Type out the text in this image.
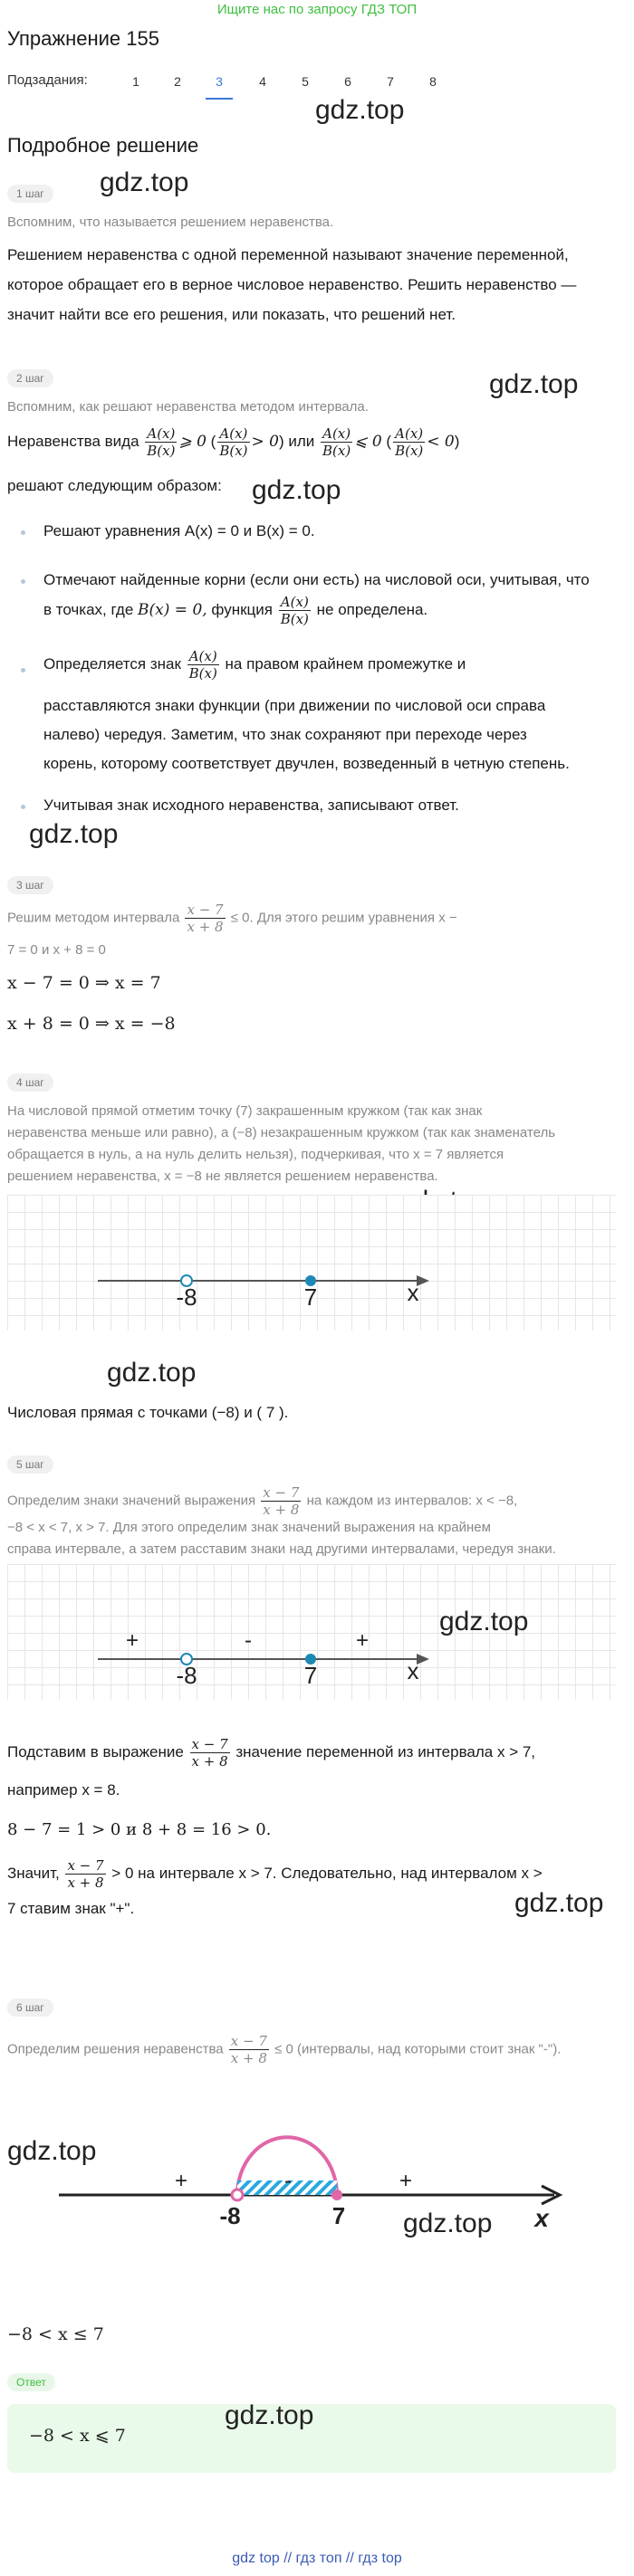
Ищите нас по запросу ГДЗ ТОП
Упражнение 155
Подзадания:	1	2	3	4	5	6	7	8
gdz.top
Подробное решение
gdz.top
1 шаг
Вспомним, что называется решением неравенства.
Решением неравенства с одной переменной называют значение переменной, которое обращает его в верное числовое неравенство. Решить неравенство — значит найти все его решения, или показать, что решений нет.
gdz.top
2 шаг
Вспомним, как решают неравенства методом интервала.
Неравенства вида $\frac{A(x)}{B(x)}$ ⩾ 0 ( $\frac{A(x)}{B(x)} > 0$) или $\frac{A(x)}{B(x)}$ ⩽ 0 ( $\frac{A(x)}{B(x)} < 0$)
решают следующим образом: gdz.top
Решают уравнения A(x) = 0 и B(x) = 0.
Отмечают найденные корни (если они есть) на числовой оси, учитывая, что
в точках, где B(x) = 0, функция $\frac{A(x)}{B(x)}$ не определена.
Определяется знак $\frac{A(x)}{B(x)}$ на правом крайнем промежутке и
расставляются знаки функции (при движении по числовой оси справа
налево) чередуя. Заметим, что знак сохраняют при переходе через
корень, которому соответствует двучлен, возведенный в четную степень.
Учитывая знак исходного неравенства, записывают ответ.
gdz.top
3 шаг
Решим методом интервала $\frac{x - 7}{x + 8} \le 0$. Для этого решим уравнения x −
7 = 0 и x + 8 = 0
x − 7 = 0 ⇒ x = 7
x + 8 = 0 ⇒ x = −8
4 шаг
На числовой прямой отметим точку (7) закрашенным кружком (так как знак
неравенства меньше или равно), а (−8) незакрашенным кружком (так как знаменатель
обращается в нуль, а на нуль делить нельзя), подчеркивая, что x = 7 является
решением неравенства, x = −8 не является решением неравенства.
-8	7	x
gdz.top
Числовая прямая с точками (−8) и ( 7 ).
5 шаг
Определим знаки значений выражения $\frac{x - 7}{x + 8}$ на каждом из интервалов: x < −8,
−8 < x < 7, x > 7. Для этого определим знак значений выражения на крайнем
справа интервале, а затем расставим знаки над другими интервалами, чередуя знаки.
-8	7	x
+	-	+
gdz.top
Подставим в выражение $\frac{x - 7}{x + 8}$ значение переменной из интервала x > 7,
например x = 8.
8 − 7 = 1 > 0 и 8 + 8 = 16 > 0.
Значит, $\frac{x - 7}{x + 8} > 0$ на интервале x > 7. Следовательно, над интервалом x >
7 ставим знак "+".	gdz.top
6 шаг
Определим решения неравенства $\frac{x - 7}{x + 8} \le 0$ (интервалы, над которыми стоит знак "-").
gdz.top
+	-	+
-8	7	x
gdz.top
−8 < x ≤ 7
Ответ
−8 < x ⩽ 7
gdz.top
gdz top // гдз топ // гдз top
